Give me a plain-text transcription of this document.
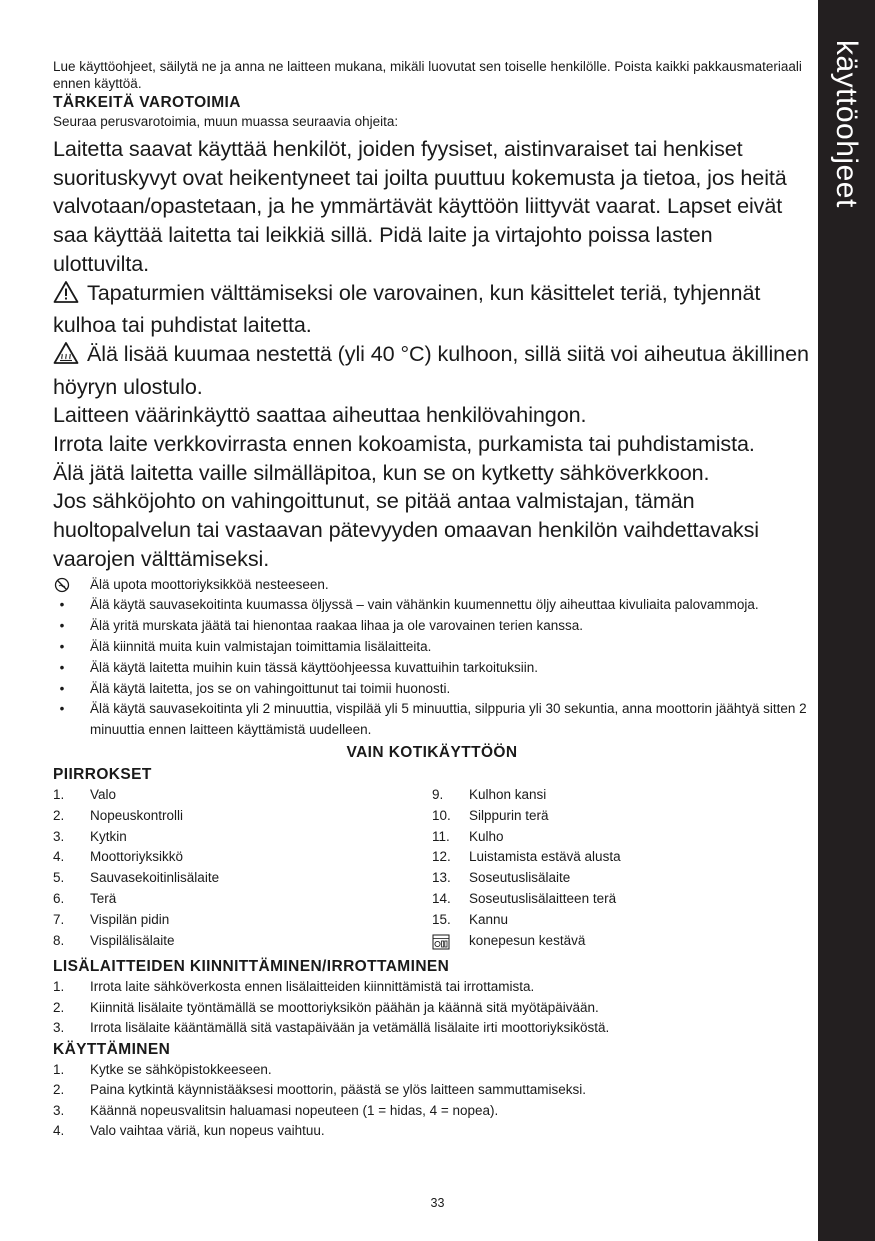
käyttöohjeet

Lue käyttöohjeet, säilytä ne ja anna ne laitteen mukana, mikäli luovutat sen toiselle henkilölle. Poista kaikki pakkausmateriaali ennen käyttöä.

TÄRKEITÄ VAROTOIMIA

Seuraa perusvarotoimia, muun muassa seuraavia ohjeita:

Laitetta saavat käyttää henkilöt, joiden fyysiset, aistinvaraiset tai henkiset suorituskyvyt ovat heikentyneet tai joilta puuttuu kokemusta ja tietoa, jos heitä valvotaan/opastetaan, ja he ymmärtävät käyttöön liittyvät vaarat. Lapset eivät saa käyttää laitetta tai leikkiä sillä. Pidä laite ja virtajohto poissa lasten ulottuvilta.

Tapaturmien välttämiseksi ole varovainen, kun käsittelet teriä, tyhjennät kulhoa tai puhdistat laitetta.

Älä lisää kuumaa nestettä (yli 40 °C) kulhoon, sillä siitä voi aiheutua äkillinen höyryn ulostulo.

Laitteen väärinkäyttö saattaa aiheuttaa henkilövahingon.

Irrota laite verkkovirrasta ennen kokoamista, purkamista tai puhdistamista.

Älä jätä laitetta vaille silmälläpitoa, kun se on kytketty sähköverkkoon.

Jos sähköjohto on vahingoittunut, se pitää antaa valmistajan, tämän huoltopalvelun tai vastaavan pätevyyden omaavan henkilön vaihdettavaksi vaarojen välttämiseksi.

Älä upota moottoriyksikköä nesteeseen.
•	Älä käytä sauvasekoitinta kuumassa öljyssä – vain vähänkin kuumennettu öljy aiheuttaa kivuliaita palovammoja.
•	Älä yritä murskata jäätä tai hienontaa raakaa lihaa ja ole varovainen terien kanssa.
•	Älä kiinnitä muita kuin valmistajan toimittamia lisälaitteita.
•	Älä käytä laitetta muihin kuin tässä käyttöohjeessa kuvattuihin tarkoituksiin.
•	Älä käytä laitetta, jos se on vahingoittunut tai toimii huonosti.
•	Älä käytä sauvasekoitinta yli 2 minuuttia, vispilää yli 5 minuuttia, silppuria yli 30 sekuntia, anna moottorin jäähtyä sitten 2 minuuttia ennen laitteen käyttämistä uudelleen.

VAIN KOTIKÄYTTÖÖN

PIIRROKSET

1.	Valo
2.	Nopeuskontrolli
3.	Kytkin
4.	Moottoriyksikkö
5.	Sauvasekoitinlisälaite
6.	Terä
7.	Vispilän pidin
8.	Vispilälisälaite
9.	Kulhon kansi
10.	Silppurin terä
11.	Kulho
12.	Luistamista estävä alusta
13.	Soseutuslisälaite
14.	Soseutuslisälaitteen terä
15.	Kannu
konepesun kestävä

LISÄLAITTEIDEN KIINNITTÄMINEN/IRROTTAMINEN

1.	Irrota laite sähköverkosta ennen lisälaitteiden kiinnittämistä tai irrottamista.
2.	Kiinnitä lisälaite työntämällä se moottoriyksikön päähän ja käännä sitä myötäpäivään.
3.	Irrota lisälaite kääntämällä sitä vastapäivään ja vetämällä lisälaite irti moottoriyksiköstä.

KÄYTTÄMINEN

1.	Kytke se sähköpistokkeeseen.
2.	Paina kytkintä käynnistääksesi moottorin, päästä se ylös laitteen sammuttamiseksi.
3.	Käännä nopeusvalitsin haluamasi nopeuteen (1 = hidas, 4 = nopea).
4.	Valo vaihtaa väriä, kun nopeus vaihtuu.
33
